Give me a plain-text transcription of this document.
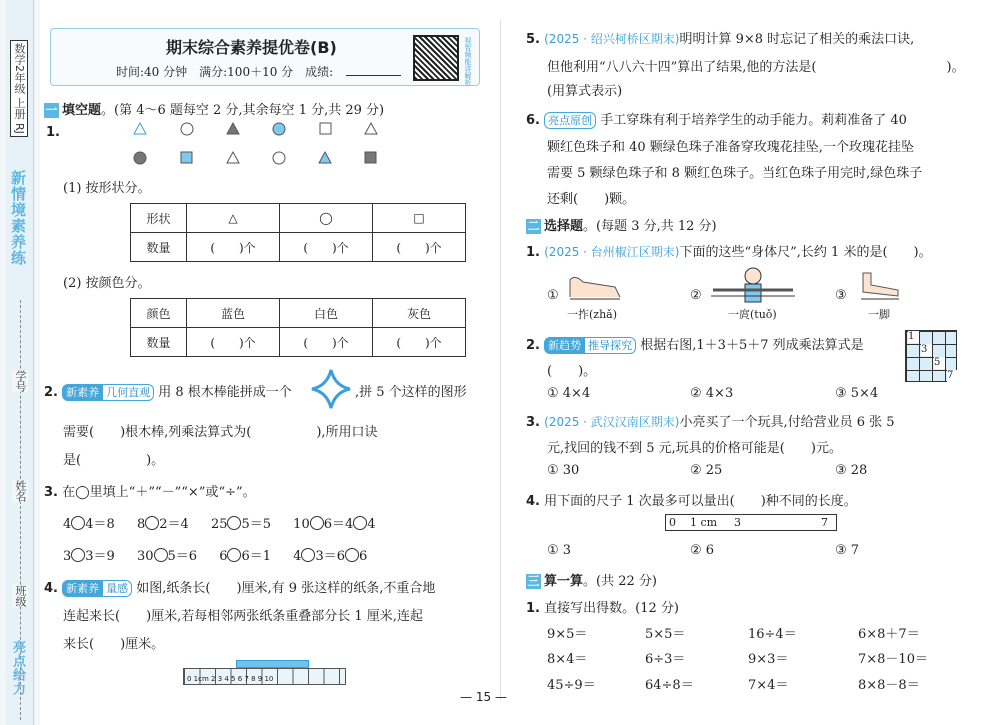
数学2年级 上册 RJ
新情境素养练
学号
姓名
班级
亮点给力
期末综合素养提优卷(B)
时间:40 分钟　满分:100＋10 分　成绩:	视智频能讲解析
一 填空题。(第 4～6 题每空 2 分,其余每空 1 分,共 29 分)
1.
(1) 按形状分。
形状	△	◯	□
数量	(　　)个	(　　)个	(　　)个
(2) 按颜色分。
颜色	蓝色	白色	灰色
数量	(　　)个	(　　)个	(　　)个
2. 新素养 几何直观 用 8 根木棒能拼成一个	,拼 5 个这样的图形
需要(　　)根木棒,列乘法算式为(　　　　　),所用口诀
是(　　　　　)。
3. 在◯里填上“＋”“－”“×”或“÷”。
4 4＝8 8 2＝4 25 5＝5 10 6＝4 4
3 3＝9 30 5＝6 6 6＝1 4 3＝6 6
4. 新素养 量感 如图,纸条长(　　)厘米,有 9 张这样的纸条,不重合地
连起来长(　　)厘米,若每相邻两张纸条重叠部分长 1 厘米,连起
来长(　　)厘米。
0 1cm 2 3 4 5 6 7 8 9 10
5. (2025 · 绍兴柯桥区期末)明明计算 9×8 时忘记了相关的乘法口诀,
但他利用“八八六十四”算出了结果,他的方法是(　　　　　　　　　　)。
(用算式表示)
6. 亮点原创 手工穿珠有利于培养学生的动手能力。莉莉准备了 40
颗红色珠子和 40 颗绿色珠子准备穿玫瑰花挂坠,一个玫瑰花挂坠
需要 5 颗绿色珠子和 8 颗红色珠子。当红色珠子用完时,绿色珠子
还剩(　　)颗。
二 选择题。(每题 3 分,共 12 分)
1. (2025 · 台州椒江区期末)下面的这些“身体尺”,长约 1 米的是(　　)。
①
一拃(zhǎ)
②
一庹(tuǒ)
③
一脚
2. 新趋势 推导探究 根据右图,1＋3＋5＋7 列成乘法算式是
(　　)。
① 4×4	② 4×3	③ 5×4
1
3
5
7
3. (2025 · 武汉汉南区期末)小亮买了一个玩具,付给营业员 6 张 5
元,找回的钱不到 5 元,玩具的价格可能是(　　)元。
① 30	② 25	③ 28
4. 用下面的尺子 1 次最多可以量出(　　)种不同的长度。
0 1 cm 3	7
① 3	② 6	③ 7
三 算一算。(共 22 分)
1. 直接写出得数。(12 分)
9×5＝	5×5＝	16÷4＝	6×8＋7＝
8×4＝	6÷3＝	9×3＝	7×8－10＝
45÷9＝	64÷8＝	7×4＝	8×8－8＝
— 15 —
